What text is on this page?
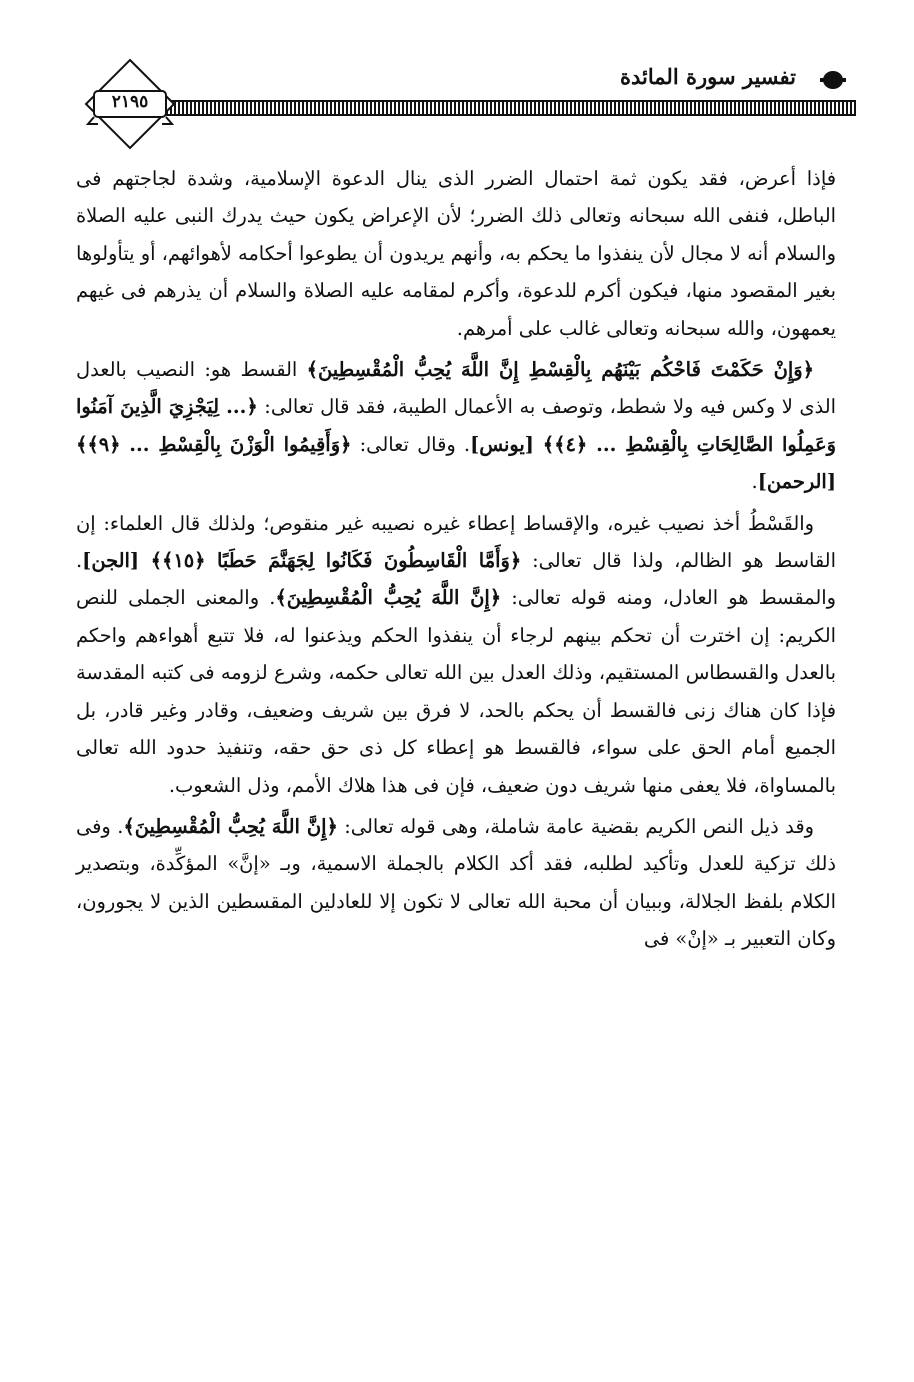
تفسير سورة المائدة
٢١٩٥

فإذا أعرض، فقد يكون ثمة احتمال الضرر الذى ينال الدعوة الإسلامية، وشدة لجاجتهم فى الباطل، فنفى الله سبحانه وتعالى ذلك الضرر؛ لأن الإعراض يكون حيث يدرك النبى عليه الصلاة والسلام أنه لا مجال لأن ينفذوا ما يحكم به، وأنهم يريدون أن يطوعوا أحكامه لأهوائهم، أو يتأولوها بغير المقصود منها، فيكون أكرم للدعوة، وأكرم لمقامه عليه الصلاة والسلام أن يذرهم فى غيهم يعمهون، والله سبحانه وتعالى غالب على أمرهم.

﴿وَإِنْ حَكَمْتَ فَاحْكُم بَيْنَهُم بِالْقِسْطِ إِنَّ اللَّهَ يُحِبُّ الْمُقْسِطِينَ﴾ القسط هو: النصيب بالعدل الذى لا وكس فيه ولا شطط، وتوصف به الأعمال الطيبة، فقد قال تعالى: ﴿... لِيَجْزِيَ الَّذِينَ آمَنُوا وَعَمِلُوا الصَّالِحَاتِ بِالْقِسْطِ ... ﴿٤﴾﴾ [يونس]. وقال تعالى: ﴿وَأَقِيمُوا الْوَزْنَ بِالْقِسْطِ ... ﴿٩﴾﴾ [الرحمن].

والقَسْطُ أخذ نصيب غيره، والإقساط إعطاء غيره نصيبه غير منقوص؛ ولذلك قال العلماء: إن القاسط هو الظالم، ولذا قال تعالى: ﴿وَأَمَّا الْقَاسِطُونَ فَكَانُوا لِجَهَنَّمَ حَطَبًا ﴿١٥﴾﴾ [الجن]. والمقسط هو العادل، ومنه قوله تعالى: ﴿إِنَّ اللَّهَ يُحِبُّ الْمُقْسِطِينَ﴾. والمعنى الجملى للنص الكريم: إن اخترت أن تحكم بينهم لرجاء أن ينفذوا الحكم ويذعنوا له، فلا تتبع أهواءهم واحكم بالعدل والقسطاس المستقيم، وذلك العدل بين الله تعالى حكمه، وشرع لزومه فى كتبه المقدسة فإذا كان هناك زنى فالقسط أن يحكم بالحد، لا فرق بين شريف وضعيف، وقادر وغير قادر، بل الجميع أمام الحق على سواء، فالقسط هو إعطاء كل ذى حق حقه، وتنفيذ حدود الله تعالى بالمساواة، فلا يعفى منها شريف دون ضعيف، فإن فى هذا هلاك الأمم، وذل الشعوب.

وقد ذيل النص الكريم بقضية عامة شاملة، وهى قوله تعالى: ﴿إِنَّ اللَّهَ يُحِبُّ الْمُقْسِطِينَ﴾. وفى ذلك تزكية للعدل وتأكيد لطلبه، فقد أكد الكلام بالجملة الاسمية، وبـ «إنَّ» المؤكِّدة، وبتصدير الكلام بلفظ الجلالة، وببيان أن محبة الله تعالى لا تكون إلا للعادلين المقسطين الذين لا يجورون، وكان التعبير بـ «إنْ» فى
